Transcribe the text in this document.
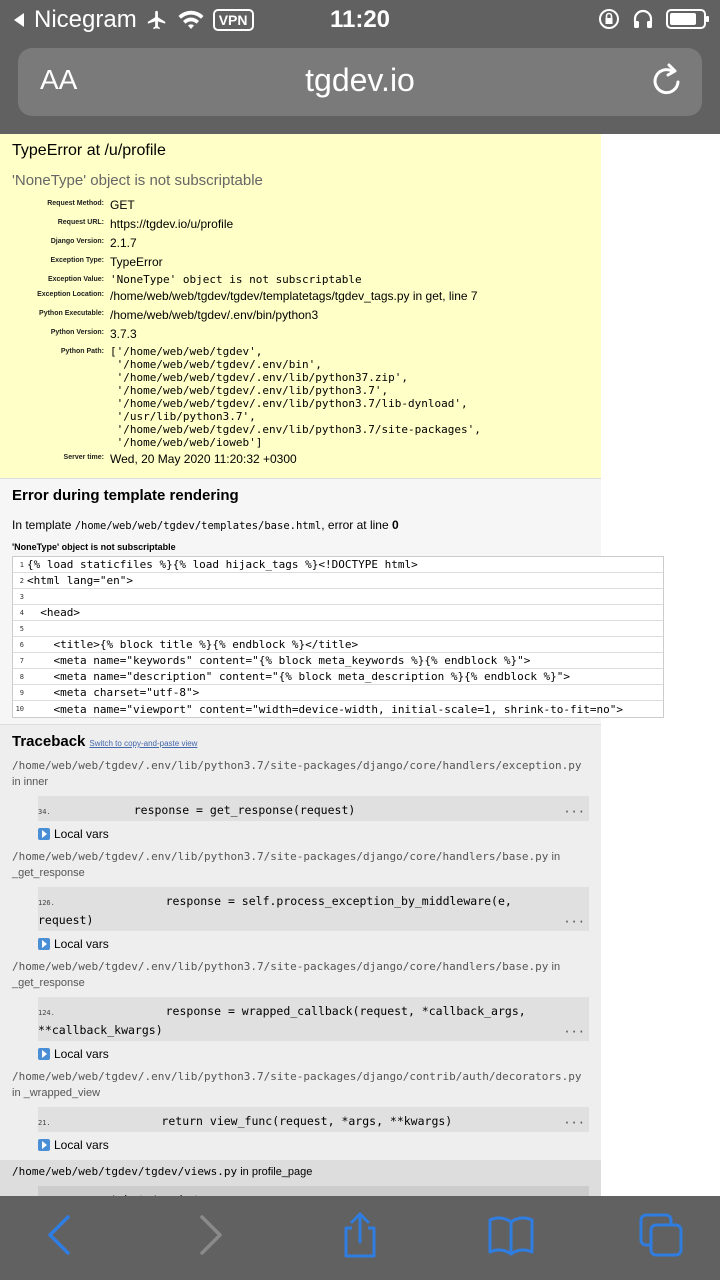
Nicegram	VPN	11:20
AA	tgdev.io
TypeError at /u/profile
'NoneType' object is not subscriptable
Request Method: GET
Request URL: https://tgdev.io/u/profile
Django Version: 2.1.7
Exception Type: TypeError
Exception Value: 'NoneType' object is not subscriptable
Exception Location: /home/web/web/tgdev/tgdev/templatetags/tgdev_tags.py in get, line 7
Python Executable: /home/web/web/tgdev/.env/bin/python3
Python Version: 3.7.3
Python Path: ['/home/web/web/tgdev',
'/home/web/web/tgdev/.env/bin',
'/home/web/web/tgdev/.env/lib/python37.zip',
'/home/web/web/tgdev/.env/lib/python3.7',
'/home/web/web/tgdev/.env/lib/python3.7/lib-dynload',
'/usr/lib/python3.7',
'/home/web/web/tgdev/.env/lib/python3.7/site-packages',
'/home/web/web/ioweb']
Server time: Wed, 20 May 2020 11:20:32 +0300
Error during template rendering
In template /home/web/web/tgdev/templates/base.html, error at line 0
'NoneType' object is not subscriptable
1 {% load staticfiles %}{% load hijack_tags %}<!DOCTYPE html>
2 <html lang="en">
3
4 <head>
5
6 <title>{% block title %}{% endblock %}</title>
7 <meta name="keywords" content="{% block meta_keywords %}{% endblock %}">
8 <meta name="description" content="{% block meta_description %}{% endblock %}">
9 <meta charset="utf-8">
10 <meta name="viewport" content="width=device-width, initial-scale=1, shrink-to-fit=no">
Traceback Switch to copy-and-paste view
/home/web/web/tgdev/.env/lib/python3.7/site-packages/django/core/handlers/exception.py in inner
34.            response = get_response(request)	···
Local vars
/home/web/web/tgdev/.env/lib/python3.7/site-packages/django/core/handlers/base.py in _get_response
126.                response = self.process_exception_by_middleware(e, request)	···
Local vars
/home/web/web/tgdev/.env/lib/python3.7/site-packages/django/core/handlers/base.py in _get_response
124.                response = wrapped_callback(request, *callback_args, **callback_kwargs)	···
Local vars
/home/web/web/tgdev/.env/lib/python3.7/site-packages/django/contrib/auth/decorators.py in _wrapped_view
21.                return view_func(request, *args, **kwargs)	···
Local vars
/home/web/web/tgdev/tgdev/views.py in profile_page
